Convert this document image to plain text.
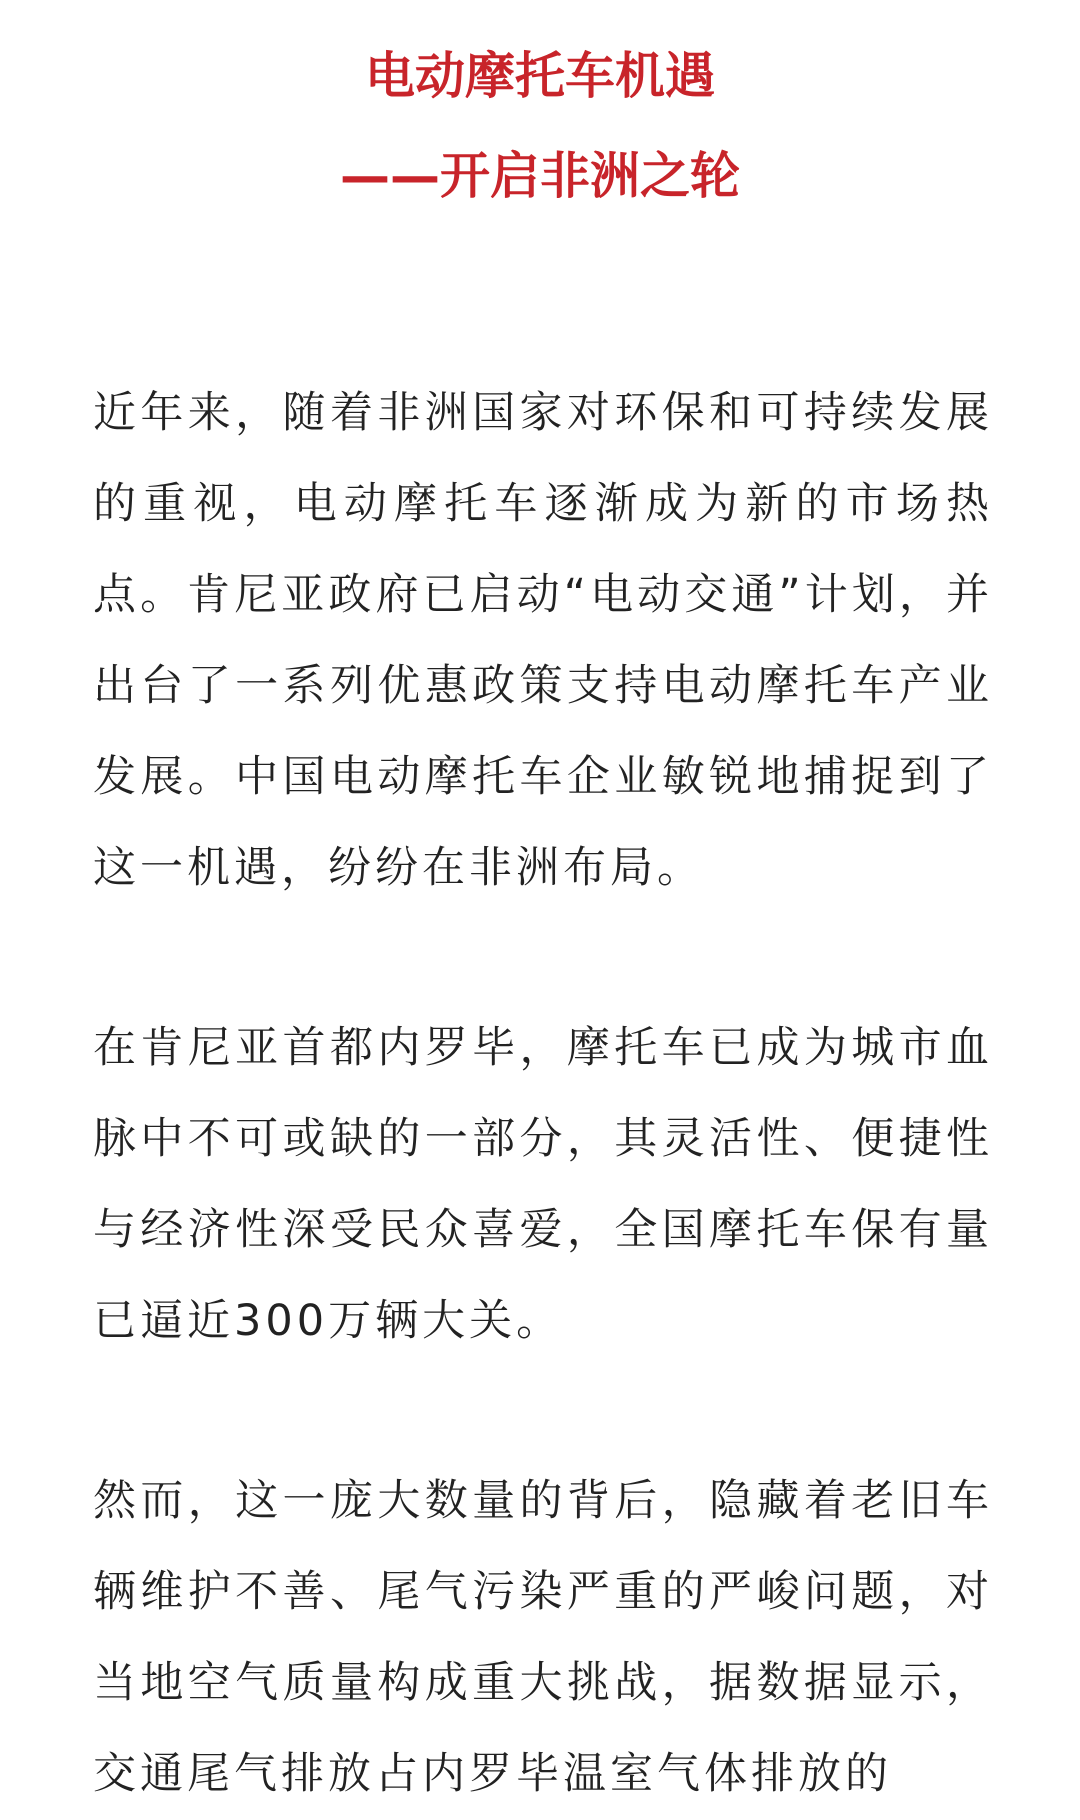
电动摩托车机遇

——开启非洲之轮

近年来，随着非洲国家对环保和可持续发展的重视，电动摩托车逐渐成为新的市场热点。肯尼亚政府已启动“电动交通”计划，并出台了一系列优惠政策支持电动摩托车产业发展。中国电动摩托车企业敏锐地捕捉到了这一机遇，纷纷在非洲布局。

在肯尼亚首都内罗毕，摩托车已成为城市血脉中不可或缺的一部分，其灵活性、便捷性与经济性深受民众喜爱，全国摩托车保有量已逼近300万辆大关。

然而，这一庞大数量的背后，隐藏着老旧车辆维护不善、尾气污染严重的严峻问题，对当地空气质量构成重大挑战，据数据显示，交通尾气排放占内罗毕温室气体排放的
